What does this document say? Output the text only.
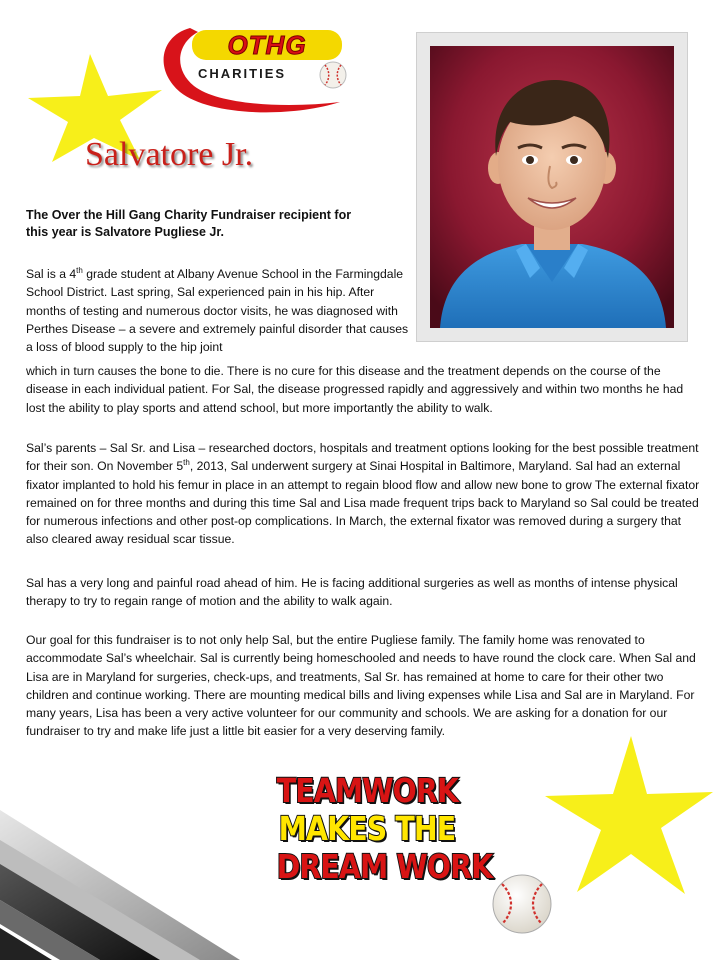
OTHG
CHARITIES
Salvatore Jr.
The Over the Hill Gang Charity Fundraiser recipient for
this year is Salvatore Pugliese Jr.
Sal is a 4th grade student at Albany Avenue School in the Farmingdale School District. Last spring, Sal experienced pain in his hip. After months of testing and numerous doctor visits, he was diagnosed with Perthes Disease – a severe and extremely painful disorder that causes a loss of blood supply to the hip joint
which in turn causes the bone to die. There is no cure for this disease and the treatment depends on the course of the disease in each individual patient. For Sal, the disease progressed rapidly and aggressively and within two months he had lost the ability to play sports and attend school, but more importantly the ability to walk.
Sal’s parents – Sal Sr. and Lisa – researched doctors, hospitals and treatment options looking for the best possible treatment for their son. On November 5th, 2013, Sal underwent surgery at Sinai Hospital in Baltimore, Maryland. Sal had an external fixator implanted to hold his femur in place in an attempt to regain blood flow and allow new bone to grow The external fixator remained on for three months and during this time Sal and Lisa made frequent trips back to Maryland so Sal could be treated for numerous infections and other post-op complications. In March, the external fixator was removed during a surgery that also cleared away residual scar tissue.
Sal has a very long and painful road ahead of him. He is facing additional surgeries as well as months of intense physical therapy to try to regain range of motion and the ability to walk again.
Our goal for this fundraiser is to not only help Sal, but the entire Pugliese family. The family home was renovated to accommodate Sal’s wheelchair. Sal is currently being homeschooled and needs to have round the clock care. When Sal and Lisa are in Maryland for surgeries, check-ups, and treatments, Sal Sr. has remained at home to care for their other two children and continue working. There are mounting medical bills and living expenses while Lisa and Sal are in Maryland. For many years, Lisa has been a very active volunteer for our community and schools. We are asking for a donation for our fundraiser to try and make life just a little bit easier for a very deserving family.
TEAMWORK
MAKES THE
DREAM WORK
